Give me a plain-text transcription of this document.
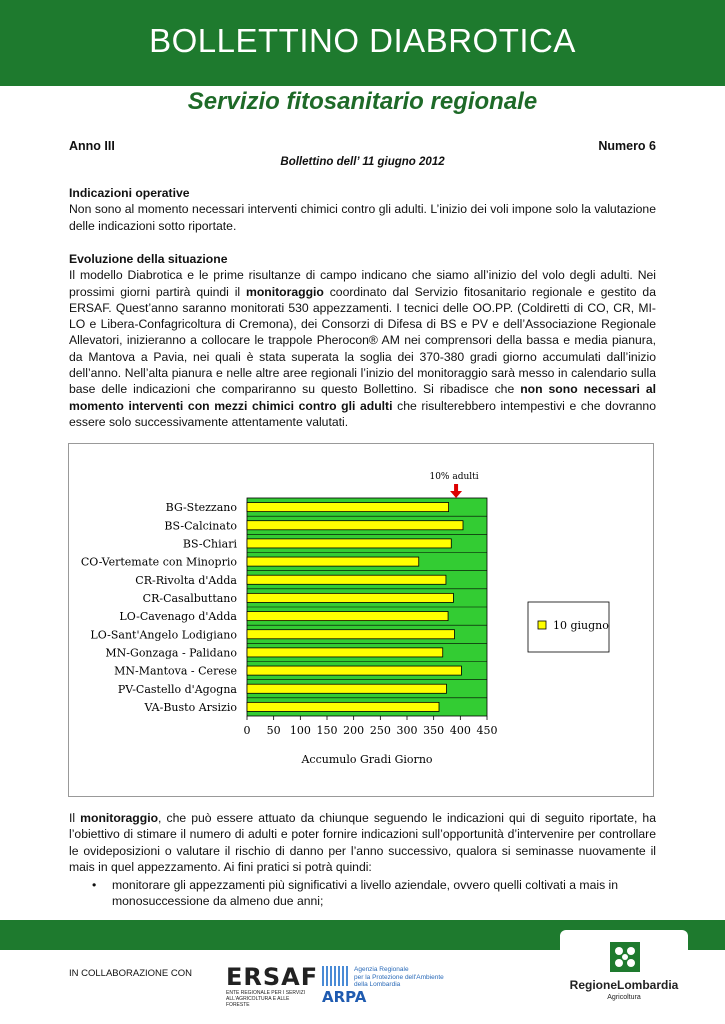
BOLLETTINO DIABROTICA
Servizio fitosanitario regionale
Anno III	Numero 6
Bollettino dell’ 11 giugno 2012
Indicazioni operative

Non sono al momento necessari interventi chimici contro gli adulti. L’inizio dei voli impone solo la valutazione delle indicazioni sotto riportate.

Evoluzione della situazione

Il modello Diabrotica e le prime risultanze di campo indicano che siamo all’inizio del volo degli adulti. Nei prossimi giorni partirà quindi il monitoraggio coordinato dal Servizio fitosanitario regionale e gestito da ERSAF. Quest’anno saranno monitorati 530 appezzamenti. I tecnici delle OO.PP. (Coldiretti di CO, CR, MI-LO e Libera-Confagricoltura di Cremona), dei Consorzi di Difesa di BS e PV e dell’Associazione Regionale Allevatori, inizieranno a collocare le trappole Pherocon® AM nei comprensori della bassa e media pianura, da Mantova a Pavia, nei quali è stata superata la soglia dei 370-380 gradi giorno accumulati dall’inizio dell’anno. Nell’alta pianura e nelle altre aree regionali l’inizio del monitoraggio sarà messo in calendario sulla base delle indicazioni che compariranno su questo Bollettino. Si ribadisce che non sono necessari al momento interventi con mezzi chimici contro gli adulti che risulterebbero intempestivi e che dovranno essere solo successivamente attentamente valutati.

BG-Stezzano
BS-Calcinato
BS-Chiari
CO-Vertemate con Minoprio
CR-Rivolta d'Adda
CR-Casalbuttano
LO-Cavenago d'Adda
LO-Sant'Angelo Lodigiano
MN-Gonzaga - Palidano
MN-Mantova - Cerese
PV-Castello d'Agogna
VA-Busto Arsizio
0 50 100 150 200 250 300 350 400 450
Accumulo Gradi Giorno
10% adulti
10 giugno

Il monitoraggio, che può essere attuato da chiunque seguendo le indicazioni qui di seguito riportate, ha l’obiettivo di stimare il numero di adulti e poter fornire indicazioni sull’opportunità d’intervenire per controllare le ovideposizioni o valutare il rischio di danno per l’anno successivo, qualora si seminasse nuovamente il mais in quel appezzamento. Ai fini pratici si potrà quindi:

• monitorare gli appezzamenti più significativi a livello aziendale, ovvero quelli coltivati a mais in monosuccessione da almeno due anni;
IN COLLABORAZIONE CON ERSAF
ENTE REGIONALE PER I SERVIZI
ALL'AGRICOLTURA E ALLE FORESTE
Agenzia Regionale
per la Protezione dell'Ambiente
della Lombardia
ARPA
RegioneLombardia
Agricoltura
